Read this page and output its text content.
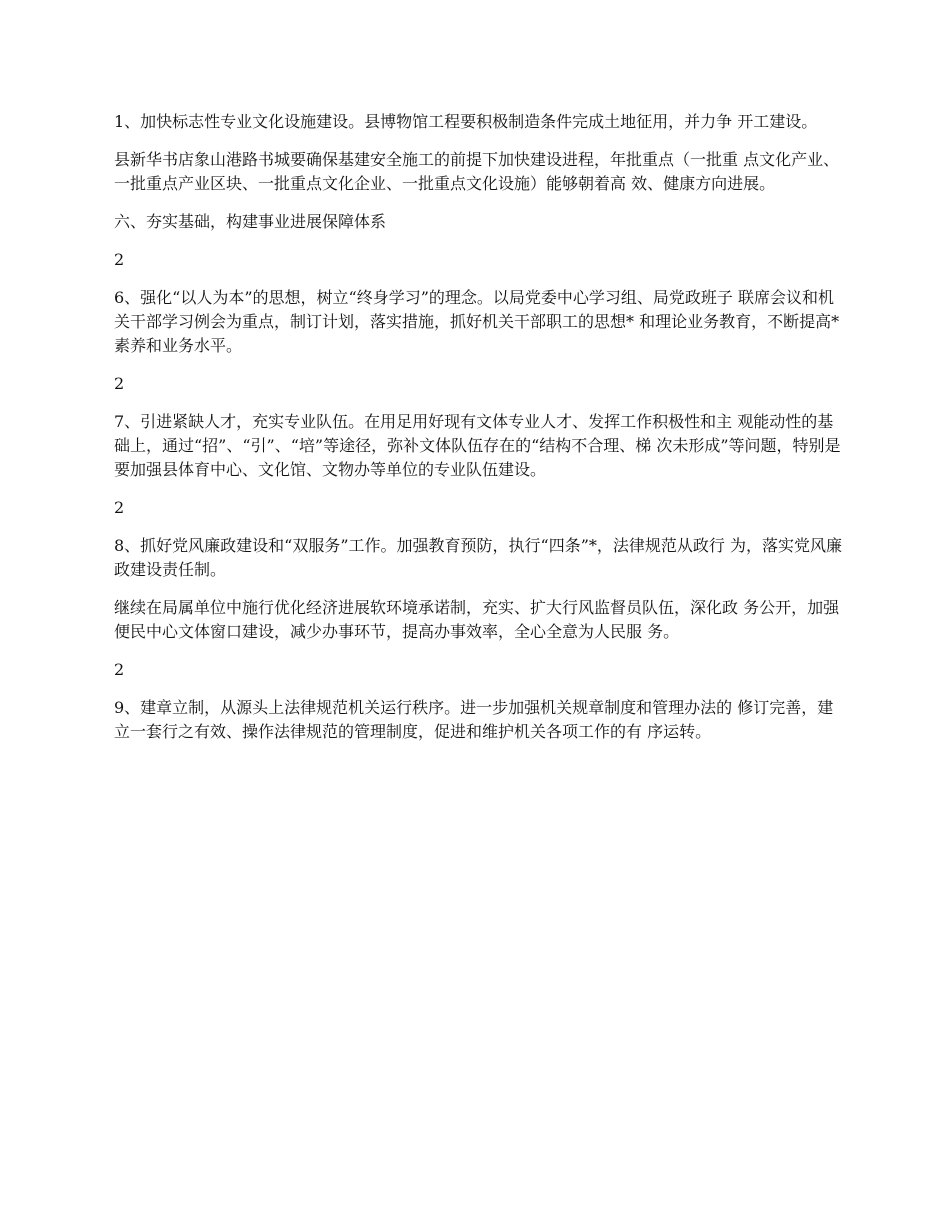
1、加快标志性专业文化设施建设。县博物馆工程要积极制造条件完成土地征用，并力争 开工建设。

县新华书店象山港路书城要确保基建安全施工的前提下加快建设进程，年批重点（一批重 点文化产业、一批重点产业区块、一批重点文化企业、一批重点文化设施）能够朝着高 效、健康方向进展。

六、夯实基础，构建事业进展保障体系

2

6、强化“以人为本”的思想，树立“终身学习”的理念。以局党委中心学习组、局党政班子 联席会议和机关干部学习例会为重点，制订计划，落实措施，抓好机关干部职工的思想* 和理论业务教育，不断提高*素养和业务水平。

2

7、引进紧缺人才，充实专业队伍。在用足用好现有文体专业人才、发挥工作积极性和主 观能动性的基础上，通过“招”、“引”、“培”等途径，弥补文体队伍存在的“结构不合理、梯 次未形成”等问题，特别是要加强县体育中心、文化馆、文物办等单位的专业队伍建设。

2

8、抓好党风廉政建设和“双服务”工作。加强教育预防，执行“四条”*，法律规范从政行 为，落实党风廉政建设责任制。

继续在局属单位中施行优化经济进展软环境承诺制，充实、扩大行风监督员队伍，深化政 务公开，加强便民中心文体窗口建设，减少办事环节，提高办事效率，全心全意为人民服 务。

2

9、建章立制，从源头上法律规范机关运行秩序。进一步加强机关规章制度和管理办法的 修订完善，建立一套行之有效、操作法律规范的管理制度，促进和维护机关各项工作的有 序运转。
